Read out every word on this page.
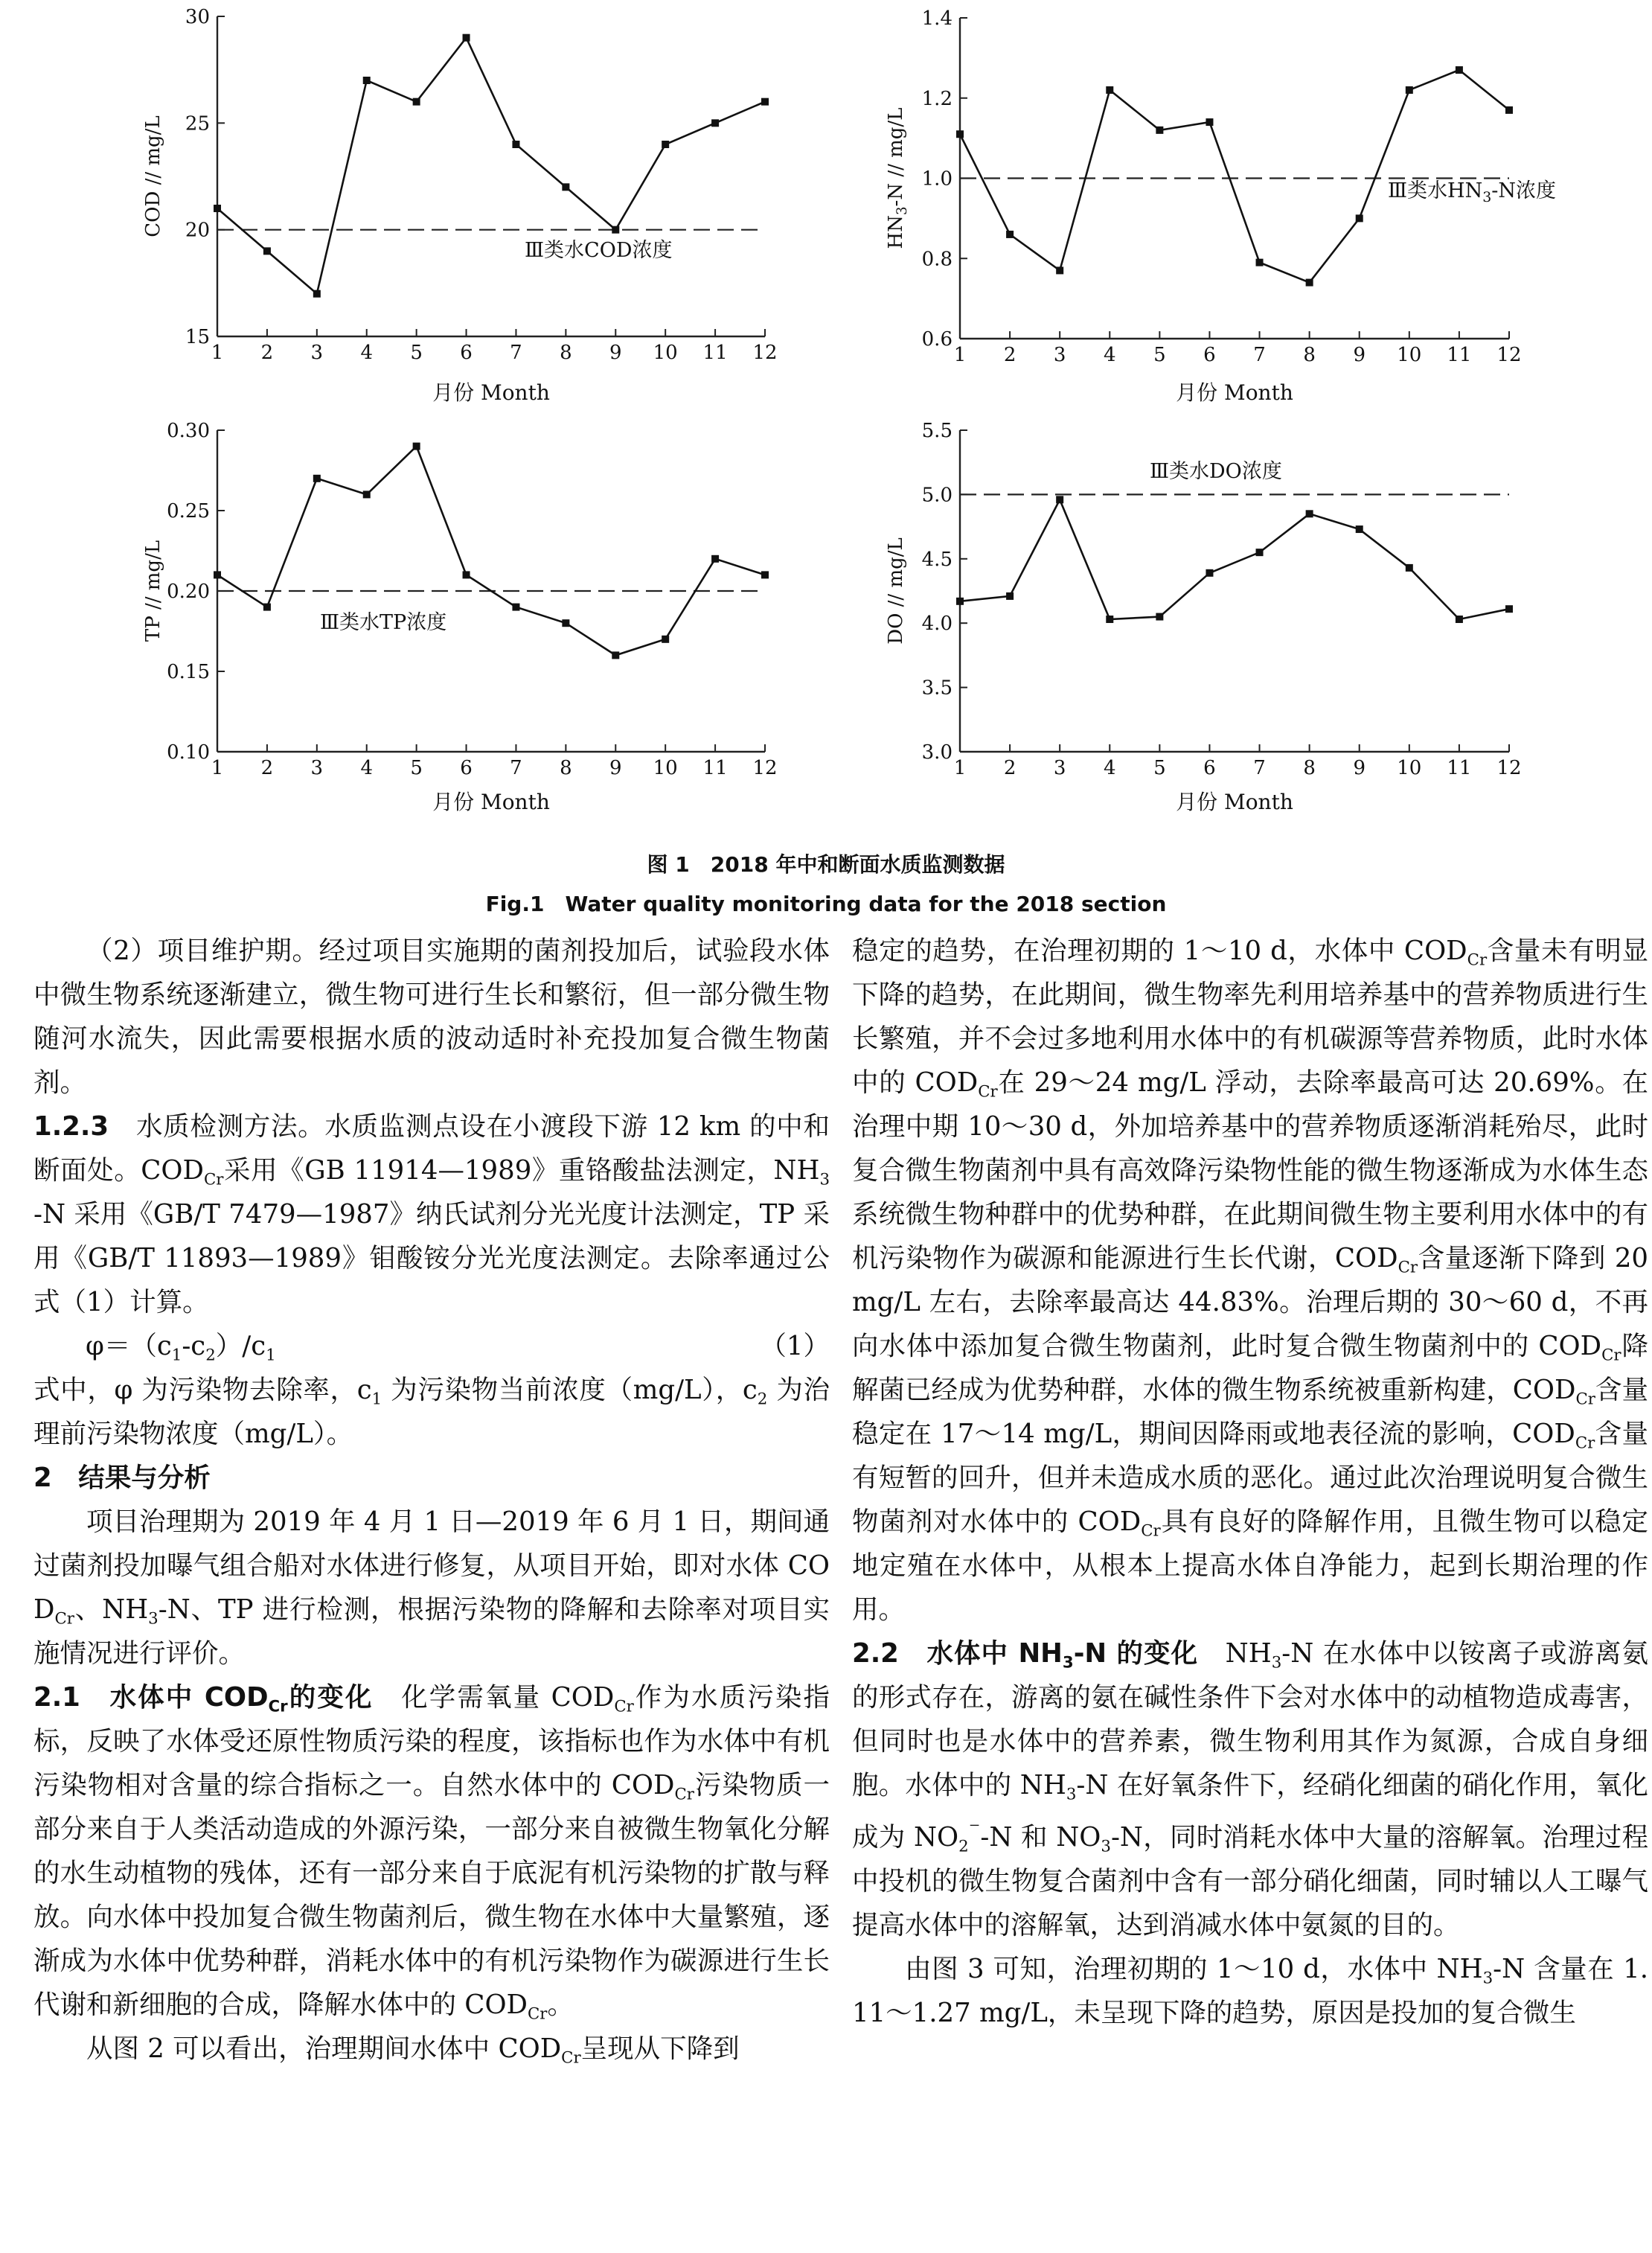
15
20
25
30
1 2 3 4 5 6 7 8 9 10 11 12
COD // mg/L
月份 Month
Ⅲ类水COD浓度
0.6
0.8
1.0
1.2
1.4
1 2 3 4 5 6 7 8 9 10 11 12
$HN_3-N // mg/L$
月份 Month
Ⅲ类水$HN_3-N$浓度
0.10
0.15
0.20
0.25
0.30
1 2 3 4 5 6 7 8 9 10 11 12
TP // mg/L
月份 Month
Ⅲ类水TP浓度
3.0
3.5
4.0
4.5
5.0
5.5
1 2 3 4 5 6 7 8 9 10 11 12
DO // mg/L
月份 Month
Ⅲ类水DO浓度
图 1　2018 年中和断面水质监测数据
Fig.1　Water quality monitoring data for the 2018 section

（2）项目维护期。经过项目实施期的菌剂投加后，试验段水体中微生物系统逐渐建立，微生物可进行生长和繁衍，但一部分微生物随河水流失，因此需要根据水质的波动适时补充投加复合微生物菌剂。

1.2.3　水质检测方法。水质监测点设在小渡段下游 12 km 的中和断面处。$COD_{Cr}$采用《GB 11914—1989》重铬酸盐法测定，$NH_3-N$ 采用《GB/T 7479—1987》纳氏试剂分光光度计法测定，TP 采用《GB/T 11893—1989》钼酸铵分光光度法测定。去除率通过公式（1）计算。

$\varphi=(c_1-c_2)/c_1$	（1）

式中，φ 为污染物去除率，$c_1$ 为污染物当前浓度（mg/L），$c_2$ 为治理前污染物浓度（mg/L）。

2　结果与分析

项目治理期为 2019 年 4 月 1 日—2019 年 6 月 1 日，期间通过菌剂投加曝气组合船对水体进行修复，从项目开始，即对水体 $COD_{Cr}$、$NH_3-N$、TP 进行检测，根据污染物的降解和去除率对项目实施情况进行评价。

2.1　水体中 $COD_{Cr}$的变化　化学需氧量 $COD_{Cr}$作为水质污染指标，反映了水体受还原性物质污染的程度，该指标也作为水体中有机污染物相对含量的综合指标之一。自然水体中的 $COD_{Cr}$污染物质一部分来自于人类活动造成的外源污染，一部分来自被微生物氧化分解的水生动植物的残体，还有一部分来自于底泥有机污染物的扩散与释放。向水体中投加复合微生物菌剂后，微生物在水体中大量繁殖，逐渐成为水体中优势种群，消耗水体中的有机污染物作为碳源进行生长代谢和新细胞的合成，降解水体中的 $COD_{Cr}$。

从图 2 可以看出，治理期间水体中 $COD_{Cr}$呈现从下降到

稳定的趋势，在治理初期的 1～10 d，水体中 $COD_{Cr}$含量未有明显下降的趋势，在此期间，微生物率先利用培养基中的营养物质进行生长繁殖，并不会过多地利用水体中的有机碳源等营养物质，此时水体中的 $COD_{Cr}$在 29～24 mg/L 浮动，去除率最高可达 20.69%。在治理中期 10～30 d，外加培养基中的营养物质逐渐消耗殆尽，此时复合微生物菌剂中具有高效降污染物性能的微生物逐渐成为水体生态系统微生物种群中的优势种群，在此期间微生物主要利用水体中的有机污染物作为碳源和能源进行生长代谢，$COD_{Cr}$含量逐渐下降到 20 mg/L 左右，去除率最高达 44.83%。治理后期的 30～60 d，不再向水体中添加复合微生物菌剂，此时复合微生物菌剂中的 $COD_{Cr}$降解菌已经成为优势种群，水体的微生物系统被重新构建，$COD_{Cr}$含量稳定在 17～14 mg/L，期间因降雨或地表径流的影响，$COD_{Cr}$含量有短暂的回升，但并未造成水质的恶化。通过此次治理说明复合微生物菌剂对水体中的 $COD_{Cr}$具有良好的降解作用，且微生物可以稳定地定殖在水体中，从根本上提高水体自净能力，起到长期治理的作用。

2.2　水体中 $NH_3-N$ 的变化　$NH_3-N$ 在水体中以铵离子或游离氨的形式存在，游离的氨在碱性条件下会对水体中的动植物造成毒害，但同时也是水体中的营养素，微生物利用其作为氮源，合成自身细胞。水体中的 $NH_3-N$ 在好氧条件下，经硝化细菌的硝化作用，氧化成为 $NO_2^{^-}-N$ 和 $NO_3-N$，同时消耗水体中大量的溶解氧。治理过程中投机的微生物复合菌剂中含有一部分硝化细菌，同时辅以人工曝气提高水体中的溶解氧，达到消减水体中氨氮的目的。

由图 3 可知，治理初期的 1～10 d，水体中 $NH_3-N$ 含量在 1.11～1.27 mg/L，未呈现下降的趋势，原因是投加的复合微生
